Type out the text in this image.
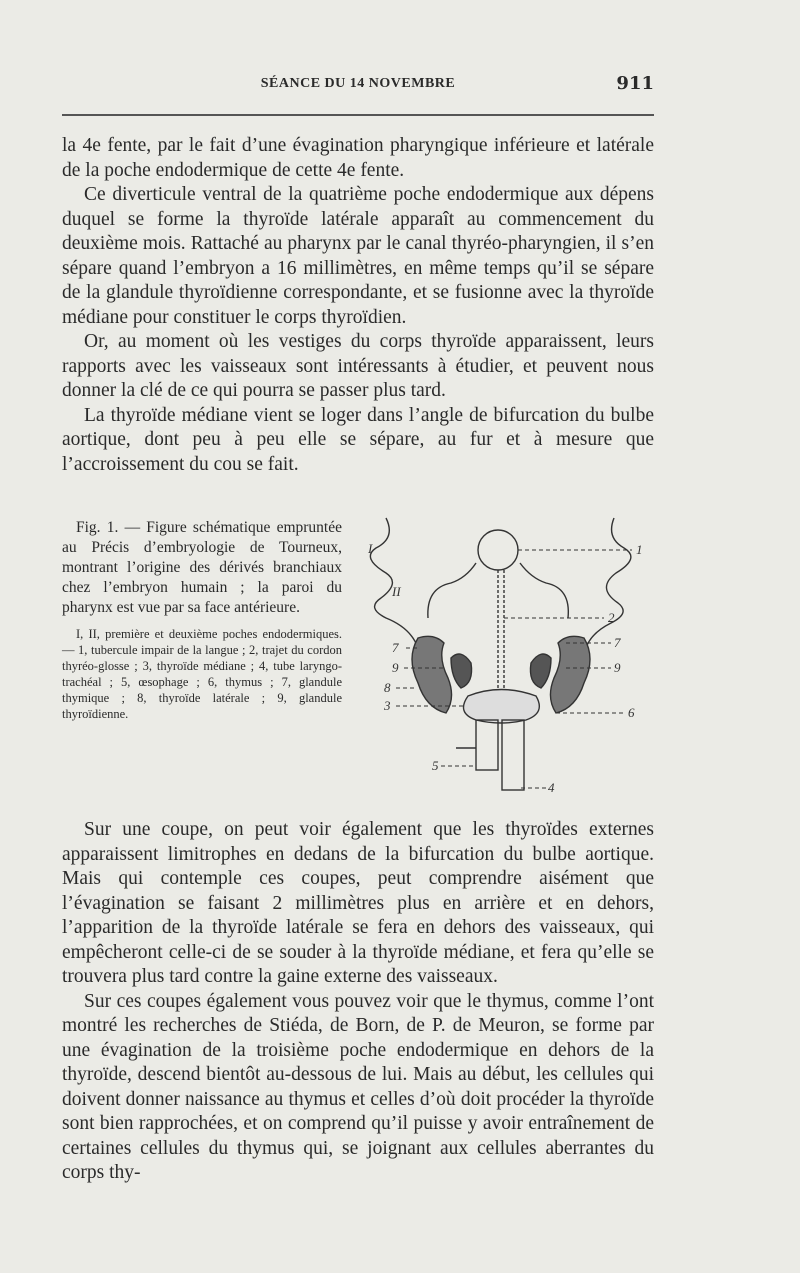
SÉANCE DU 14 NOVEMBRE	911

la 4e fente, par le fait d’une évagination pharyngique inférieure et latérale de la poche endodermique de cette 4e fente.

Ce diverticule ventral de la quatrième poche endodermique aux dépens duquel se forme la thyroïde latérale apparaît au commencement du deuxième mois. Rattaché au pharynx par le canal thyréo-pharyngien, il s’en sépare quand l’embryon a 16 millimètres, en même temps qu’il se sépare de la glandule thyroïdienne correspondante, et se fusionne avec la thyroïde médiane pour constituer le corps thyroïdien.

Or, au moment où les vestiges du corps thyroïde apparaissent, leurs rapports avec les vaisseaux sont intéressants à étudier, et peuvent nous donner la clé de ce qui pourra se passer plus tard.

La thyroïde médiane vient se loger dans l’angle de bifurcation du bulbe aortique, dont peu à peu elle se sépare, au fur et à mesure que l’accroissement du cou se fait.

Fig. 1. — Figure schématique empruntée au Précis d’embryologie de Tourneux, montrant l’origine des dérivés branchiaux chez l’embryon humain ; la paroi du pharynx est vue par sa face antérieure.

I, II, première et deuxième poches endodermiques. — 1, tubercule impair de la langue ; 2, trajet du cordon thyréo-glosse ; 3, thyroïde médiane ; 4, tube laryngo-trachéal ; 5, œsophage ; 6, thymus ; 7, glandule thymique ; 8, thyroïde latérale ; 9, glandule thyroïdienne.

I
II
1
2
7
7
9
9
8
3	6
5
4

Sur une coupe, on peut voir également que les thyroïdes externes apparaissent limitrophes en dedans de la bifurcation du bulbe aortique. Mais qui contemple ces coupes, peut comprendre aisément que l’évagination se faisant 2 millimètres plus en arrière et en dehors, l’apparition de la thyroïde latérale se fera en dehors des vaisseaux, qui empêcheront celle-ci de se souder à la thyroïde médiane, et fera qu’elle se trouvera plus tard contre la gaine externe des vaisseaux.

Sur ces coupes également vous pouvez voir que le thymus, comme l’ont montré les recherches de Stiéda, de Born, de P. de Meuron, se forme par une évagination de la troisième poche endodermique en dehors de la thyroïde, descend bientôt au-dessous de lui. Mais au début, les cellules qui doivent donner naissance au thymus et celles d’où doit procéder la thyroïde sont bien rapprochées, et on comprend qu’il puisse y avoir entraînement de certaines cellules du thymus qui, se joignant aux cellules aberrantes du corps thy-
